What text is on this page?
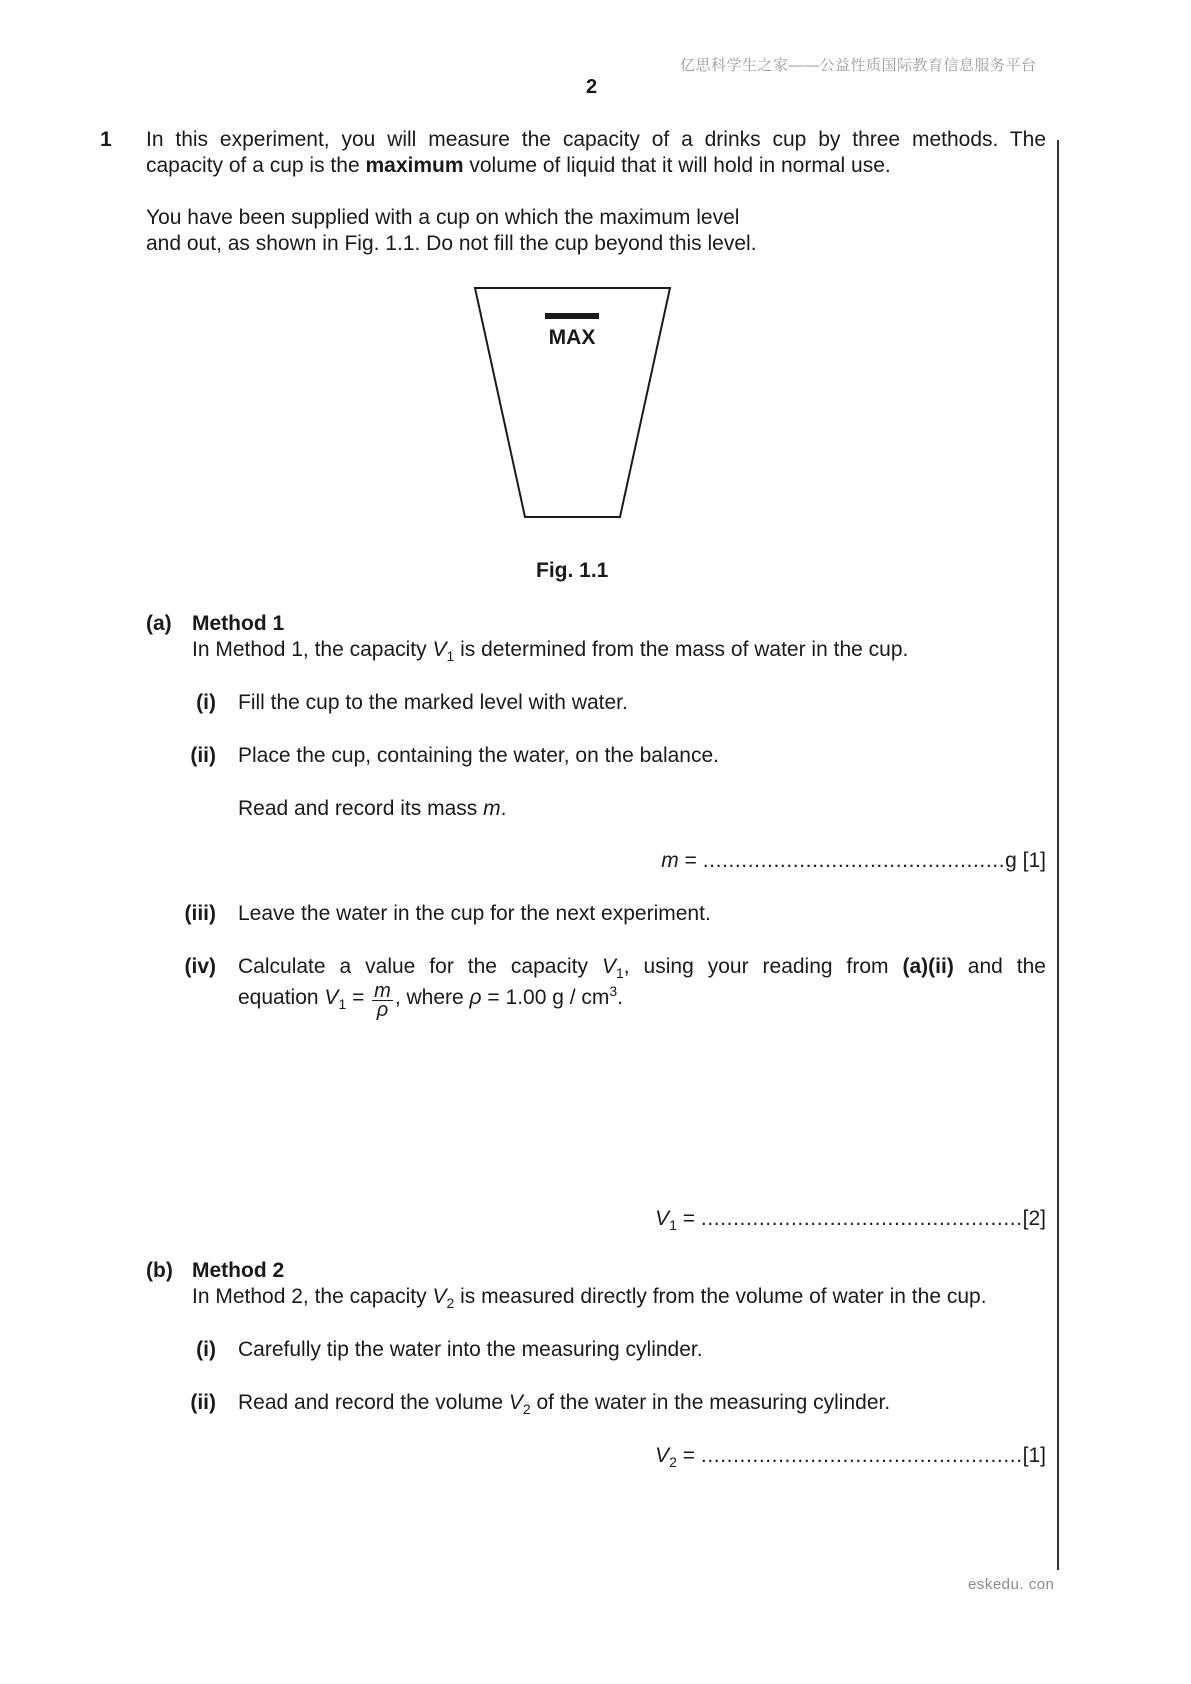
亿思科学生之家——公益性质国际教育信息服务平台
2
eskedu. con
1 In this experiment, you will measure the capacity of a drinks cup by three methods. The
capacity of a cup is the maximum volume of liquid that it will hold in normal use.
You have been supplied with a cup on which the maximum level
and out, as shown in Fig. 1.1. Do not fill the cup beyond this level.
MAX
Fig. 1.1
(a) Method 1
In Method 1, the capacity $V_1$ is determined from the mass of water in the cup.
(i) Fill the cup to the marked level with water.
(ii) Place the cup, containing the water, on the balance.
Read and record its mass m.
m = ...............................................g [1]
(iii) Leave the water in the cup for the next experiment.
(iv) Calculate a value for the capacity $V_1$, using your reading from (a)(ii) and the
equation $V_1 = \frac{m}{\rho}$ , where ρ = 1.00 g / $cm^3$.
$V_1 = ..................................................[2]$
(b) Method 2
In Method 2, the capacity $V_2$ is measured directly from the volume of water in the cup.
(i) Carefully tip the water into the measuring cylinder.
(ii) Read and record the volume $V_2$ of the water in the measuring cylinder.
$V_2 = ..................................................[1]$
